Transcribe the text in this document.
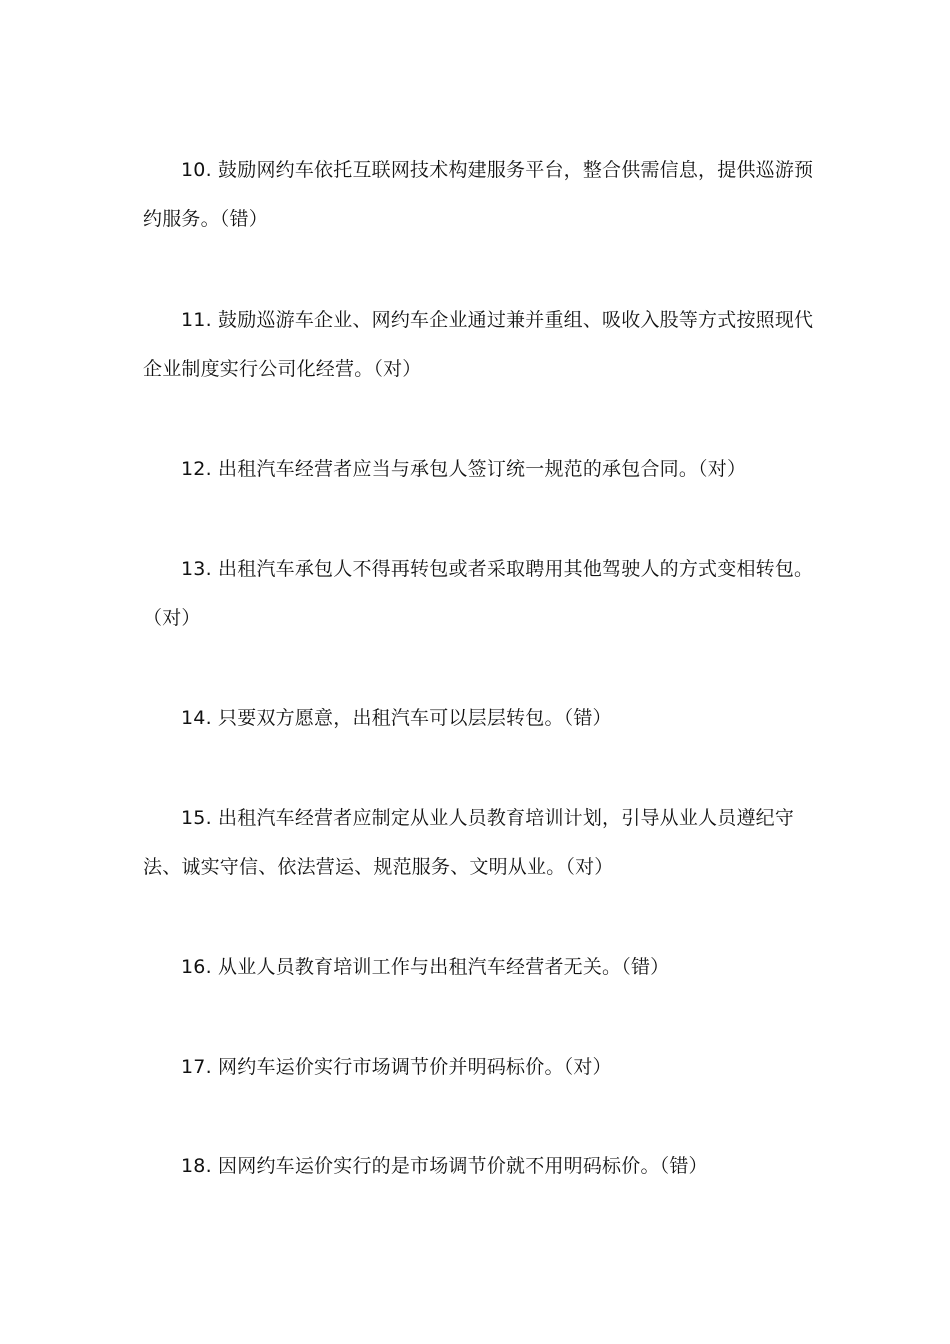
10. 鼓励网约车依托互联网技术构建服务平台，整合供需信息，提供巡游预约服务。（错）

11. 鼓励巡游车企业、网约车企业通过兼并重组、吸收入股等方式按照现代企业制度实行公司化经营。（对）

12. 出租汽车经营者应当与承包人签订统一规范的承包合同。（对）

13. 出租汽车承包人不得再转包或者采取聘用其他驾驶人的方式变相转包。（对）

14. 只要双方愿意，出租汽车可以层层转包。（错）

15. 出租汽车经营者应制定从业人员教育培训计划，引导从业人员遵纪守法、诚实守信、依法营运、规范服务、文明从业。（对）

16. 从业人员教育培训工作与出租汽车经营者无关。（错）

17. 网约车运价实行市场调节价并明码标价。（对）

18. 因网约车运价实行的是市场调节价就不用明码标价。（错）
